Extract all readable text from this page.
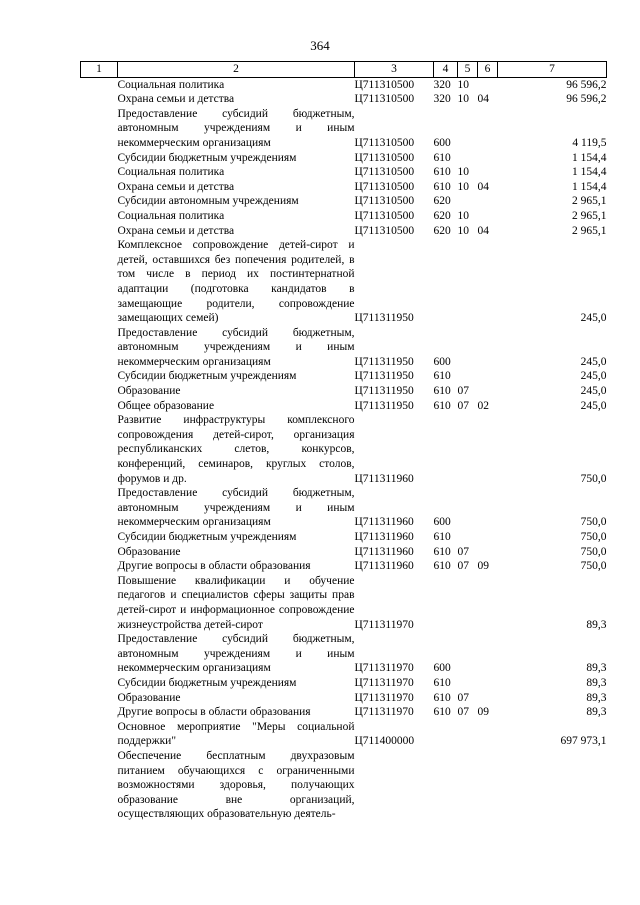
364
1	2	3	4	5	6	7
	Социальная политика	Ц711310500	320	10		96 596,2
	Охрана семьи и детства	Ц711310500	320	10	04	96 596,2
	Предоставление субсидий бюджетным, автономным учреждениям и иным некоммерческим организациям	Ц711310500	600			4 119,5
	Субсидии бюджетным учреждениям	Ц711310500	610			1 154,4
	Социальная политика	Ц711310500	610	10		1 154,4
	Охрана семьи и детства	Ц711310500	610	10	04	1 154,4
	Субсидии автономным учреждениям	Ц711310500	620			2 965,1
	Социальная политика	Ц711310500	620	10		2 965,1
	Охрана семьи и детства	Ц711310500	620	10	04	2 965,1
	Комплексное сопровождение детей-сирот и детей, оставшихся без попечения родителей, в том числе в период их постинтернатной адаптации (подготовка кандидатов в замещающие родители, сопровождение замещающих семей)	Ц711311950				245,0
	Предоставление субсидий бюджетным, автономным учреждениям и иным некоммерческим организациям	Ц711311950	600			245,0
	Субсидии бюджетным учреждениям	Ц711311950	610			245,0
	Образование	Ц711311950	610	07		245,0
	Общее образование	Ц711311950	610	07	02	245,0
	Развитие инфраструктуры комплексного сопровождения детей-сирот, организация республиканских слетов, конкурсов, конференций, семинаров, круглых столов, форумов и др.	Ц711311960				750,0
	Предоставление субсидий бюджетным, автономным учреждениям и иным некоммерческим организациям	Ц711311960	600			750,0
	Субсидии бюджетным учреждениям	Ц711311960	610			750,0
	Образование	Ц711311960	610	07		750,0
	Другие вопросы в области образования	Ц711311960	610	07	09	750,0
	Повышение квалификации и обучение педагогов и специалистов сферы защиты прав детей-сирот и информационное сопровождение жизнеустройства детей-сирот	Ц711311970				89,3
	Предоставление субсидий бюджетным, автономным учреждениям и иным некоммерческим организациям	Ц711311970	600			89,3
	Субсидии бюджетным учреждениям	Ц711311970	610			89,3
	Образование	Ц711311970	610	07		89,3
	Другие вопросы в области образования	Ц711311970	610	07	09	89,3
	Основное мероприятие "Меры социальной поддержки"	Ц711400000				697 973,1
	Обеспечение бесплатным двухразовым питанием обучающихся с ограниченными возможностями здоровья, получающих образование вне организаций, осуществляющих образовательную деятель-					
